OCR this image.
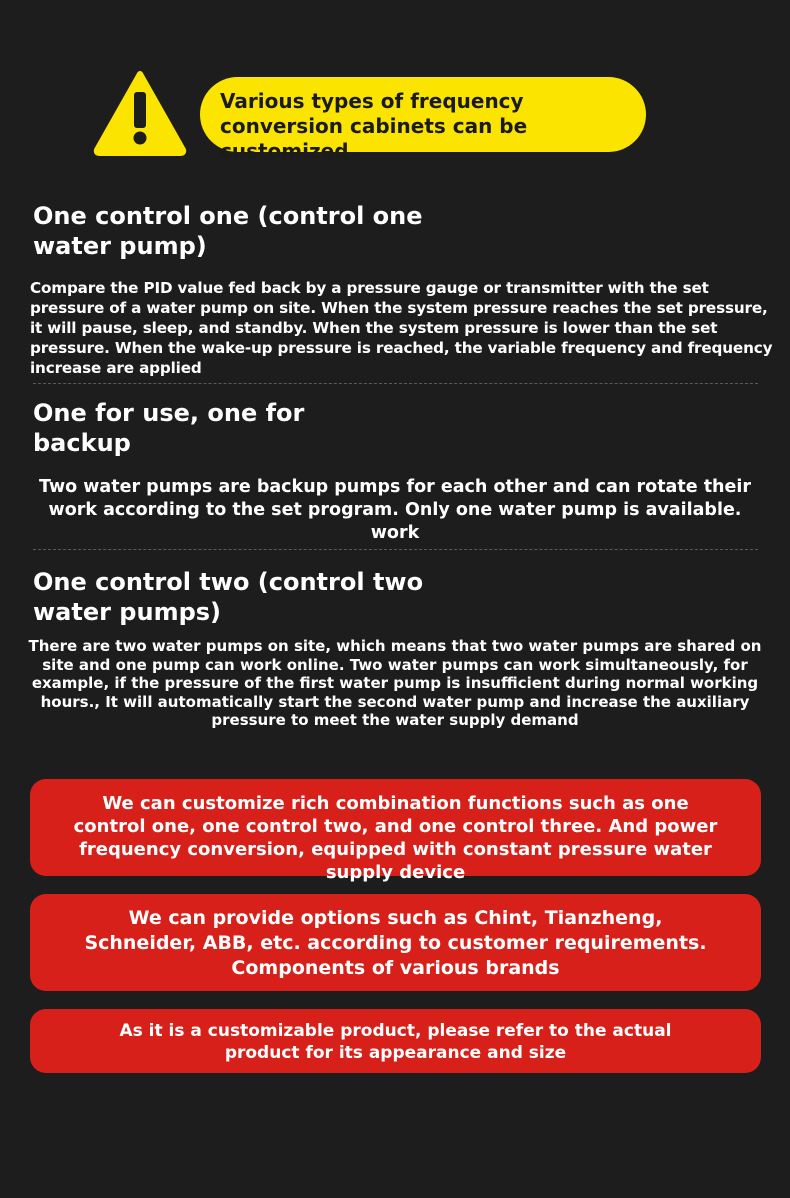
Various types of frequency conversion cabinets can be customized
One control one (control one water pump)
Compare the PID value fed back by a pressure gauge or transmitter with the set pressure of a water pump on site. When the system pressure reaches the set pressure, it will pause, sleep, and standby. When the system pressure is lower than the set pressure. When the wake-up pressure is reached, the variable frequency and frequency increase are applied
One for use, one for backup
Two water pumps are backup pumps for each other and can rotate their work according to the set program. Only one water pump is available. work
One control two (control two water pumps)
There are two water pumps on site, which means that two water pumps are shared on site and one pump can work online. Two water pumps can work simultaneously, for example, if the pressure of the first water pump is insufficient during normal working hours., It will automatically start the second water pump and increase the auxiliary pressure to meet the water supply demand
We can customize rich combination functions such as one control one, one control two, and one control three. And power frequency conversion, equipped with constant pressure water supply device
We can provide options such as Chint, Tianzheng, Schneider, ABB, etc. according to customer requirements. Components of various brands
As it is a customizable product, please refer to the actual product for its appearance and size
